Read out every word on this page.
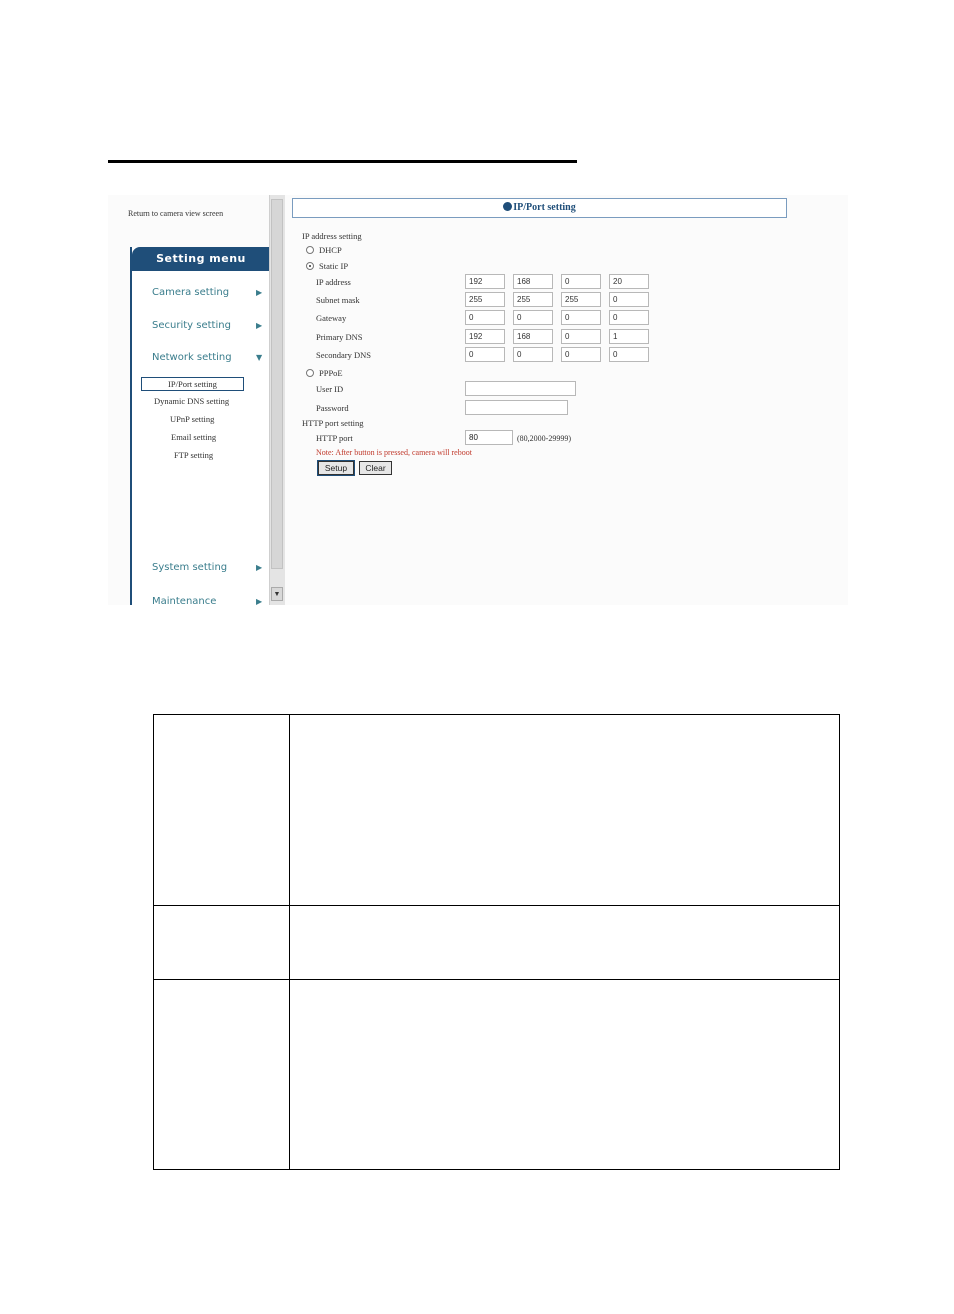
Return to camera view screen
Setting menu
Camera setting	▶
Security setting	▶
Network setting	▼
IP/Port setting
Dynamic DNS setting
UPnP setting
Email setting
FTP setting
System setting	▶
Maintenance	▶
▼
IP/Port setting
IP address setting
DHCP
Static IP
IP address	192	168	0	20
Subnet mask	255	255	255	0
Gateway	0	0	0	0
Primary DNS	192	168	0	1
Secondary DNS	0	0	0	0
PPPoE
User ID
Password
HTTP port setting
HTTP port	80	(80,2000-29999)
Note: After button is pressed, camera will reboot
Setup	Clear
